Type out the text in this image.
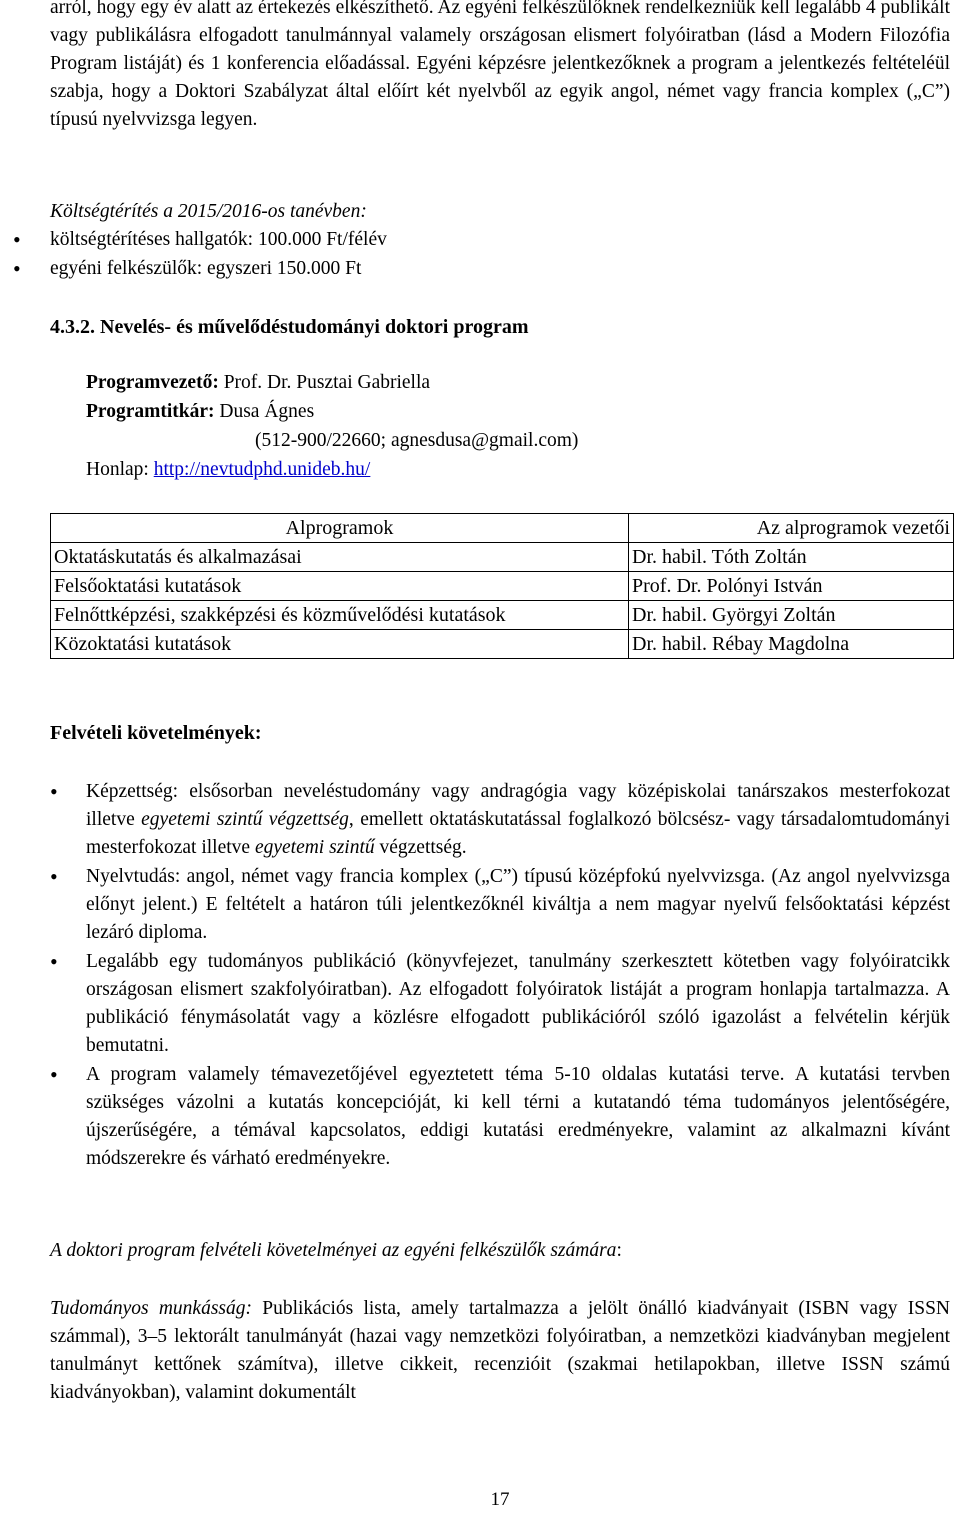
arról, hogy egy év alatt az értekezés elkészíthető. Az egyéni felkészülőknek rendelkezniük kell legalább 4 publikált vagy publikálásra elfogadott tanulmánnyal valamely országosan elismert folyóiratban (lásd a Modern Filozófia Program listáját) és 1 konferencia előadással. Egyéni képzésre jelentkezőknek a program a jelentkezés feltételéül szabja, hogy a Doktori Szabályzat által előírt két nyelvből az egyik angol, német vagy francia komplex („C”) típusú nyelvvizsga legyen.

Költségtérítés a 2015/2016-os tanévben:
• költségtérítéses hallgatók: 100.000 Ft/félév
• egyéni felkészülők: egyszeri 150.000 Ft
4.3.2. Nevelés- és művelődéstudományi doktori program
Programvezető: Prof. Dr. Pusztai Gabriella
Programtitkár: Dusa Ágnes
(512-900/22660; agnesdusa@gmail.com)
Honlap: http://nevtudphd.unideb.hu/
Alprogramok	Az alprogramok vezetői
Oktatáskutatás és alkalmazásai	Dr. habil. Tóth Zoltán
Felsőoktatási kutatások	Prof. Dr. Polónyi István
Felnőttképzési, szakképzési és közművelődési kutatások	Dr. habil. Györgyi Zoltán
Közoktatási kutatások	Dr. habil. Rébay Magdolna
Felvételi követelmények:

• Képzettség: elsősorban neveléstudomány vagy andragógia vagy középiskolai tanárszakos mesterfokozat illetve egyetemi szintű végzettség, emellett oktatáskutatással foglalkozó bölcsész- vagy társadalomtudományi mesterfokozat illetve egyetemi szintű végzettség.

• Nyelvtudás: angol, német vagy francia komplex („C”) típusú középfokú nyelvvizsga. (Az angol nyelvvizsga előnyt jelent.) E feltételt a határon túli jelentkezőknél kiváltja a nem magyar nyelvű felsőoktatási képzést lezáró diploma.

• Legalább egy tudományos publikáció (könyvfejezet, tanulmány szerkesztett kötetben vagy folyóiratcikk országosan elismert szakfolyóiratban). Az elfogadott folyóiratok listáját a program honlapja tartalmazza. A publikáció fénymásolatát vagy a közlésre elfogadott publikációról szóló igazolást a felvételin kérjük bemutatni.

• A program valamely témavezetőjével egyeztetett téma 5-10 oldalas kutatási terve. A kutatási tervben szükséges vázolni a kutatás koncepcióját, ki kell térni a kutatandó téma tudományos jelentőségére, újszerűségére, a témával kapcsolatos, eddigi kutatási eredményekre, valamint az alkalmazni kívánt módszerekre és várható eredményekre.

A doktori program felvételi követelményei az egyéni felkészülők számára:

Tudományos munkásság: Publikációs lista, amely tartalmazza a jelölt önálló kiadványait (ISBN vagy ISSN számmal), 3–5 lektorált tanulmányát (hazai vagy nemzetközi folyóiratban, a nemzetközi kiadványban megjelent tanulmányt kettőnek számítva), illetve cikkeit, recenzióit (szakmai hetilapokban, illetve ISSN számú kiadványokban), valamint dokumentált

17
